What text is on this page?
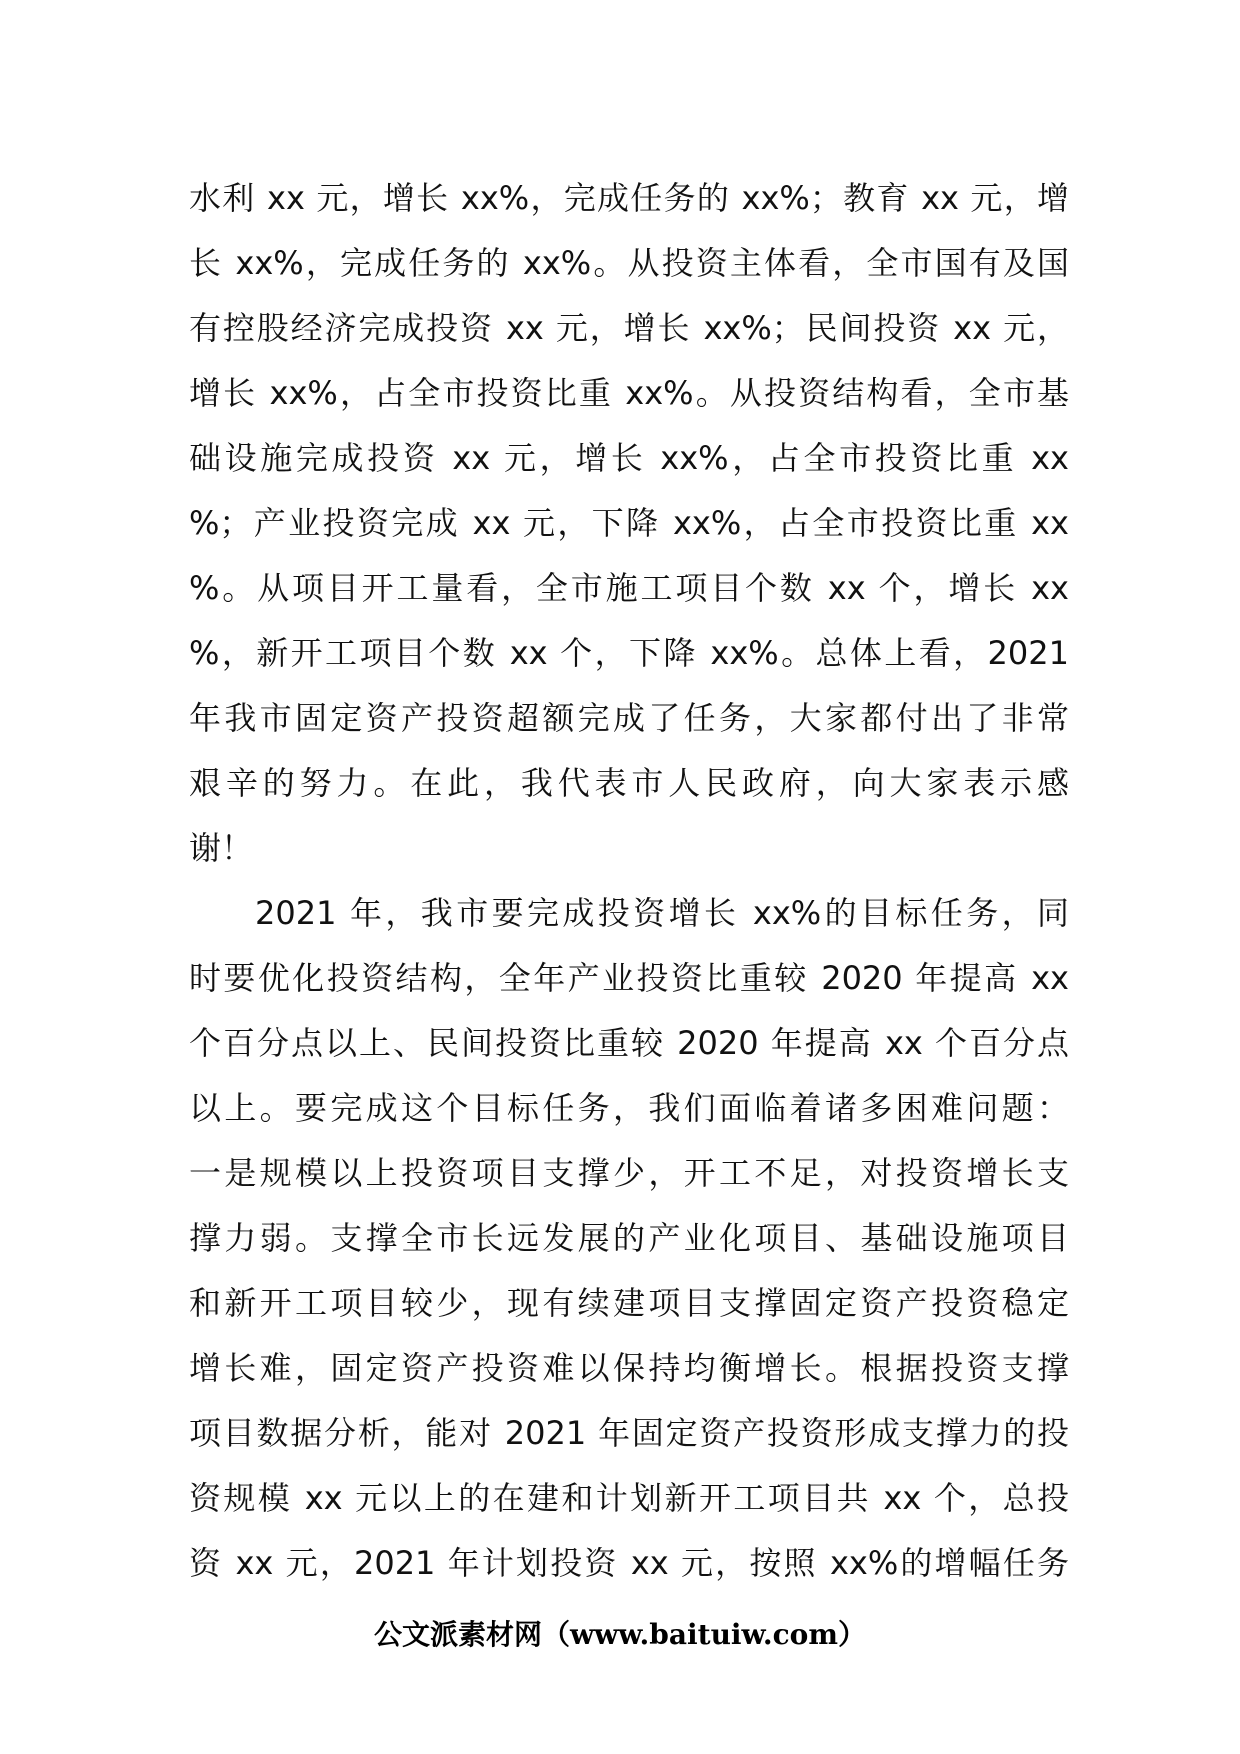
水利 xx 元，增长 xx%，完成任务的 xx%；教育 xx 元，增
长 xx%，完成任务的 xx%。从投资主体看，全市国有及国
有控股经济完成投资 xx 元，增长 xx%；民间投资 xx 元，
增长 xx%，占全市投资比重 xx%。从投资结构看，全市基
础设施完成投资 xx 元，增长 xx%，占全市投资比重 xx
%；产业投资完成 xx 元，下降 xx%，占全市投资比重 xx
%。从项目开工量看，全市施工项目个数 xx 个，增长 xx
%，新开工项目个数 xx 个，下降 xx%。总体上看，2021
年我市固定资产投资超额完成了任务，大家都付出了非常
艰辛的努力。在此，我代表市人民政府，向大家表示感
谢！
2021 年，我市要完成投资增长 xx%的目标任务，同
时要优化投资结构，全年产业投资比重较 2020 年提高 xx
个百分点以上、民间投资比重较 2020 年提高 xx 个百分点
以上。要完成这个目标任务，我们面临着诸多困难问题：
一是规模以上投资项目支撑少，开工不足，对投资增长支
撑力弱。支撑全市长远发展的产业化项目、基础设施项目
和新开工项目较少，现有续建项目支撑固定资产投资稳定
增长难，固定资产投资难以保持均衡增长。根据投资支撑
项目数据分析，能对 2021 年固定资产投资形成支撑力的投
资规模 xx 元以上的在建和计划新开工项目共 xx 个，总投
资 xx 元，2021 年计划投资 xx 元，按照 xx%的增幅任务
公文派素材网（www.baituiw.com）
